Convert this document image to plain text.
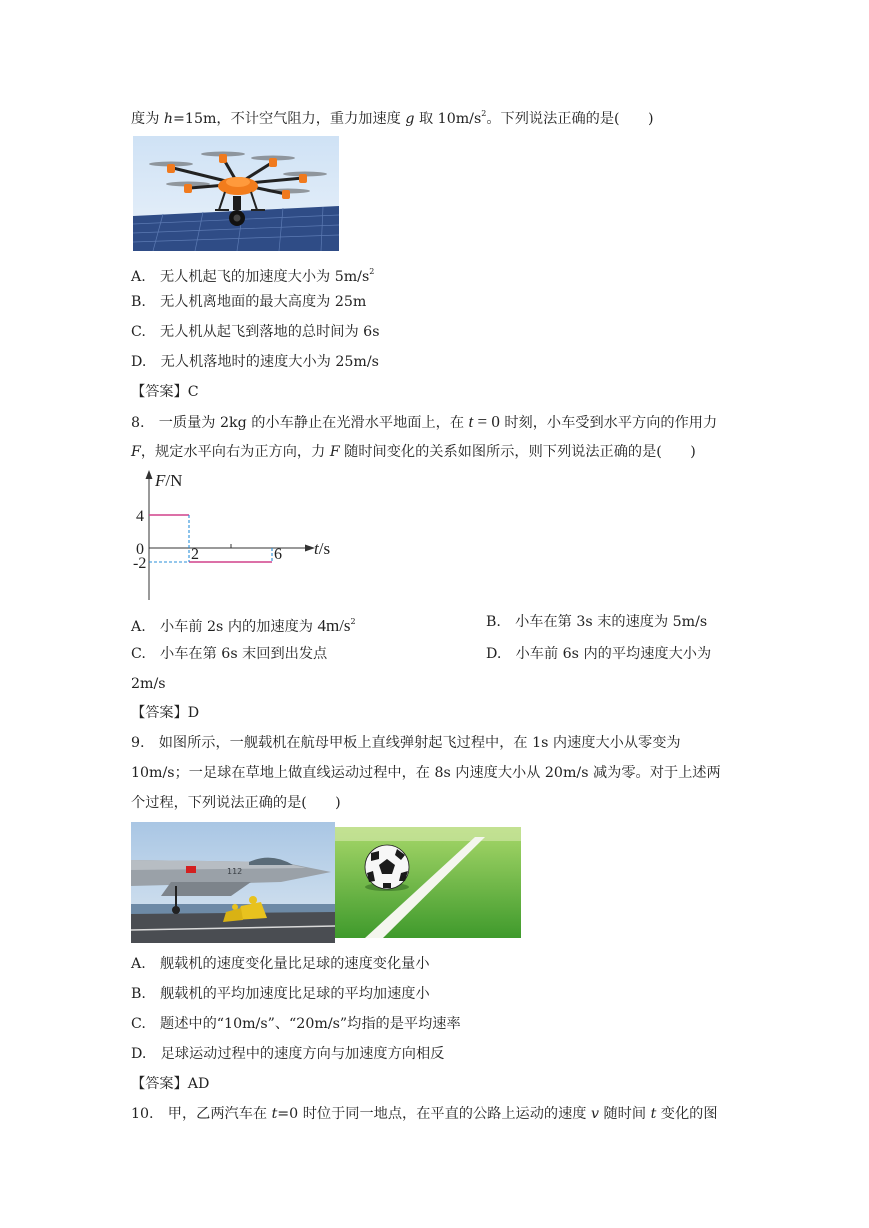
度为 h=15m，不计空气阻力，重力加速度 g 取 $10m/s^2$。下列说法正确的是(　　)
A.　无人机起飞的加速度大小为 $5m/s^2$
B.　无人机离地面的最大高度为 25m
C.　无人机从起飞到落地的总时间为 6s
D.　无人机落地时的速度大小为 25m/s
【答案】C
8.　一质量为 2kg 的小车静止在光滑水平地面上，在 t = 0 时刻，小车受到水平方向的作用力
F，规定水平向右为正方向，力 F 随时间变化的关系如图所示，则下列说法正确的是(　　)
F/N
t/s
4
0
-2
2	6
A.　小车前 2s 内的加速度为 $4m/s^2$	B.　小车在第 3s 末的速度为 5m/s
C.　小车在第 6s 末回到出发点	D.　小车前 6s 内的平均速度大小为
2m/s
【答案】D
9.　如图所示，一舰载机在航母甲板上直线弹射起飞过程中，在 1s 内速度大小从零变为
10m/s；一足球在草地上做直线运动过程中，在 8s 内速度大小从 20m/s 减为零。对于上述两
个过程，下列说法正确的是(　　)
112
A.　舰载机的速度变化量比足球的速度变化量小
B.　舰载机的平均加速度比足球的平均加速度小
C.　题述中的“10m/s”、“20m/s”均指的是平均速率
D.　足球运动过程中的速度方向与加速度方向相反
【答案】AD
10.　甲，乙两汽车在 t=0 时位于同一地点，在平直的公路上运动的速度 v 随时间 t 变化的图
